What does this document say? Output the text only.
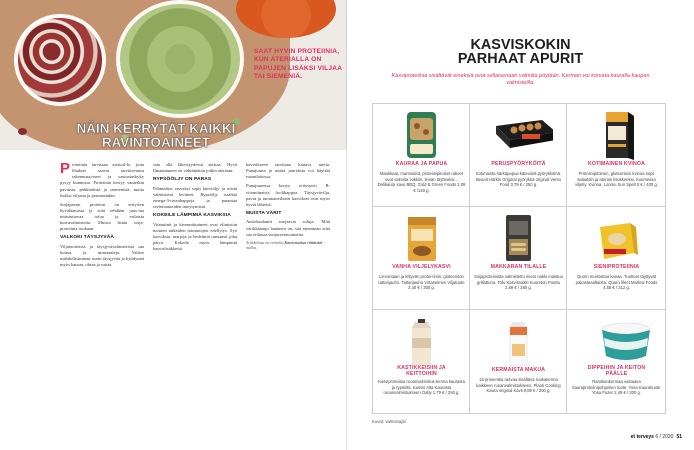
SAAT HYVIN PROTEIINIA, KUN ATERIALLA ON PAPUJEN LISÄKSI VILJAA TAI SIEMENIÄ.
NÄIN KERRYTÄT KAIKKI
RAVINTOAINEET

Proteiinia tarvitaan aterioil-le, jotta lihakset saavat tarvittavansa rakennusai-neet ja vastustuskyky pysyy kunnossa. Proteiinia kertyy vanteikin pavuista, pähkinöistä ja siemenistä, mutta lisäksi viljasta ja perunastakin.

Soijapavun proteiini on erityisen hyvälaatuista ja siitä tehdään juus-tua muistuttavaa tofua ja erilaisia kuivavalmisteita. Muista lisätä soija-proteiinia ruokaan.

VALKOKI TÄYSJYVÄÄ

Viljatuotteista ja täysjyvävalmisteista saa kuitua ja mineraaleja. Valitse mahdollisimman usein täysjyvää ja hyödynnä myös kauraa, ohraa ja ruista.

sata olla läheisyydessä ateriaa. Hyvä Ilmaantuneet on välttämätön joihin ateriaan.

RYPSÖÖLJY ON PARAS

Pehmeäksi rasvaksi sopii kasviöljy ja niistä valmistetut levitteet. Rypsiöljy sisältää omega-3-rasvahappoja ja parantaa ravintoaineiden imeytymistä.

KOKEILE LÄMPIMIÄ KASVIKSIA

Vitamiinit ja kivennäisaineet ovat elimistön monien tärkeiden toimintojen edellytys. Syö kasviksia, marjoja ja hedelmiä runsaasti joka päivä. Kokeile myös lämpimiä kasvislisäkkeitä.

kaverikseen tarvitaan kattava ateria. Punajuurta ja muita juureksia voi käyttää ruoanlaitossa.

Punajuuressa kertyy erityisesti B-vitamiineista foolihappoa. Täysjyvävilja, pavut ja tummanvihreät kasvikset ovat myös hyviä lähteitä.

MUISTA VÄRIT

Antioksidantit suojaavat soluja. Mitä värikkäämpi lautanen on, sitä enemmän siitä saa erilaisia suojaravintoaineita.

Artikkelissa on vertailtu Kasvisruokaa riittävästi -mallia.
KASVISKOKIN
PARHAAT APURIT
Kasviproteiinia sisältävät eineksiä ovat sellaisenaan valmiita pöytään. Kerman voi korvata kauralla kaupan valmisteilla.
KAURAA JA PAPUA
Maukkaat, marinoidut, proteiinipitoiset rakeet ovat valmiita vokkiin, leivän täytteeksi... Delikaura savu BBQ, Gold & Green Foods 2,09 € /120 g.
PERUSPYÖRYKÖITÄ
Kotimaista härkäpapua käteviinä pyörykköinä. Beanit Härkis Original pyörykkä original Verso Food 3,79 € / 250 g.
KOTIMAINEN KVINOA
Proteiinipitoinen, gluteeniton kvinoa sopii salaattiin ja aterian lisukkeeksi. Suomessa viljelty. Kvinoa, Loomu Sun Spelt 5 € / 400 g.
VANHA VILJELYKASVI
Lievuntaan ja leltyvän protei-Iiniin, gluteeniton tattarijauho. Tattarijauho Virtaselmen Viljatuote 2,40 € / 300 g.
MAKKARAN TILALLE
Soijaproteiinista valmistettu mieto nakki maistuu grillattuna. Tofu Kasvisnakki Kuoreton Pouttu 2,89 € / 280 g.
SIENIPROTEIINIA
Quorn muistuttaa kanaa. Tuotteet täyttyvät pakasteaaltaista. Quorn fileet Marlow Foods 4,55 € / 312 g.
KASTIKKEISIIN JA
KEITTOIHIN
Kasviproteiinia ruoanvalmistus-kerma kaurasta ja rypsistä. Kasvis Alta Kaurasta ruoanvalmistukseen Oatly 1,79 € / 250 g.
KERMAISTA MAKUA
15 prosenttia rasvaa sisältävä ruokakerma kaikkeen ruoanvalmistukseen. Planti Cooking Kaura original Kavli 0,89 € / 200 g.
DIPPEIHIN JA KEITON
PÄÄLLE
Ranskankermaa vastaava kauraproteiinipohjainen tuote. Yosa Kaurahuote Yosa Fazer 2,49 € / 200 g.
Kuvat: valmistajat
et terveys 6 / 2020 51
